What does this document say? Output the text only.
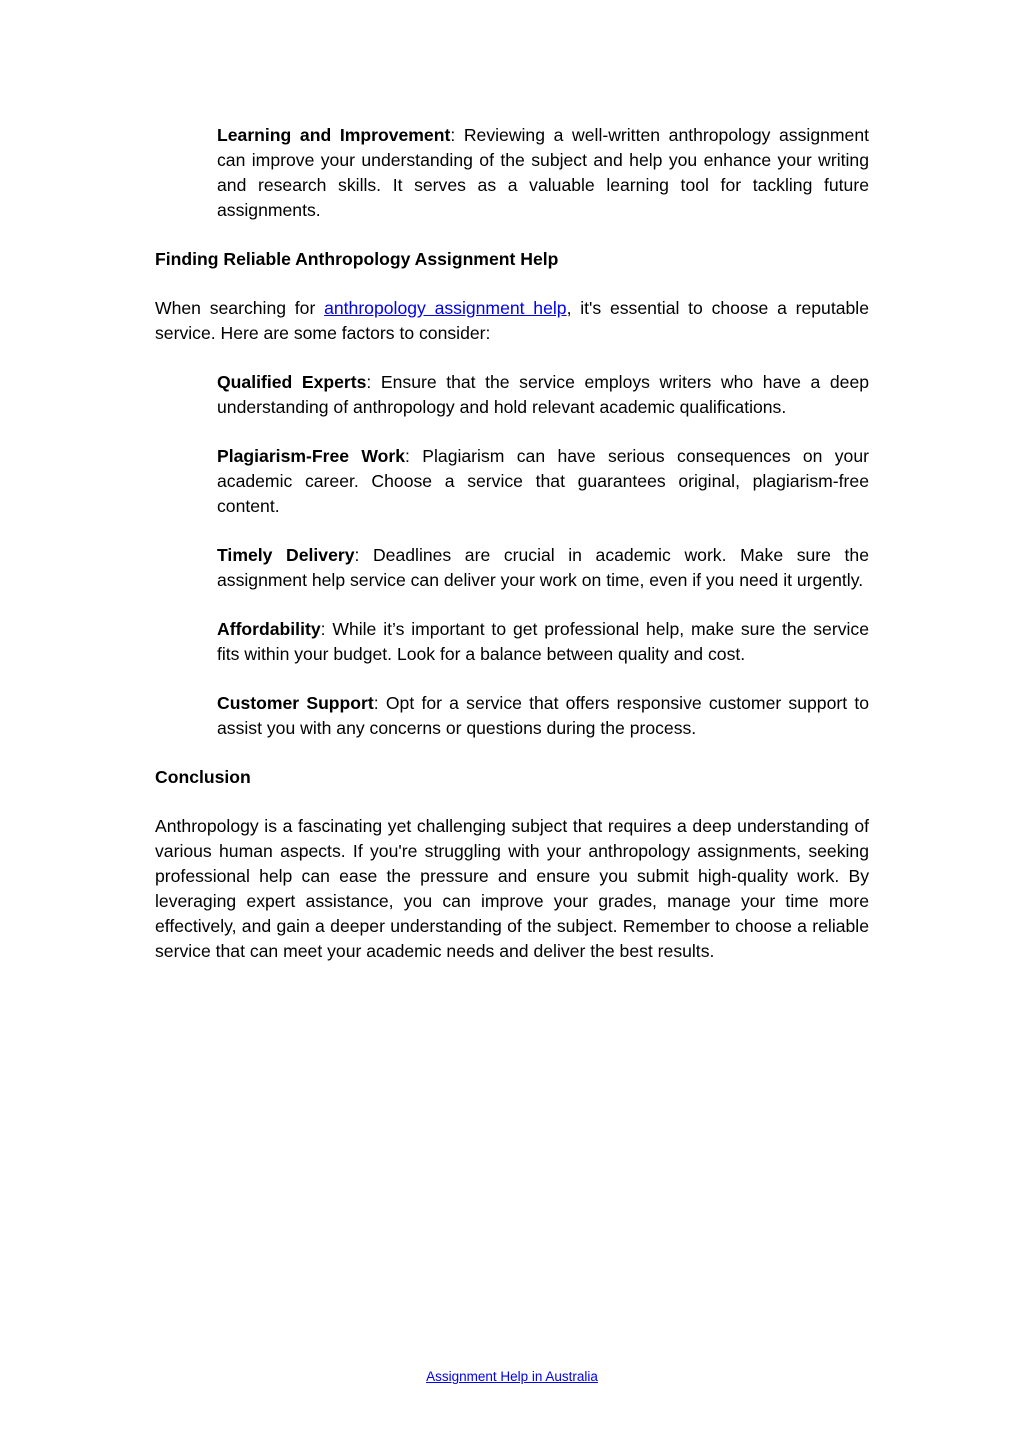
Learning and Improvement: Reviewing a well-written anthropology assignment can improve your understanding of the subject and help you enhance your writing and research skills. It serves as a valuable learning tool for tackling future assignments.

Finding Reliable Anthropology Assignment Help

When searching for anthropology assignment help, it's essential to choose a reputable service. Here are some factors to consider:

Qualified Experts: Ensure that the service employs writers who have a deep understanding of anthropology and hold relevant academic qualifications.

Plagiarism-Free Work: Plagiarism can have serious consequences on your academic career. Choose a service that guarantees original, plagiarism-free content.

Timely Delivery: Deadlines are crucial in academic work. Make sure the assignment help service can deliver your work on time, even if you need it urgently.

Affordability: While it’s important to get professional help, make sure the service fits within your budget. Look for a balance between quality and cost.

Customer Support: Opt for a service that offers responsive customer support to assist you with any concerns or questions during the process.

Conclusion

Anthropology is a fascinating yet challenging subject that requires a deep understanding of various human aspects. If you're struggling with your anthropology assignments, seeking professional help can ease the pressure and ensure you submit high-quality work. By leveraging expert assistance, you can improve your grades, manage your time more effectively, and gain a deeper understanding of the subject. Remember to choose a reliable service that can meet your academic needs and deliver the best results.

Assignment Help in Australia
